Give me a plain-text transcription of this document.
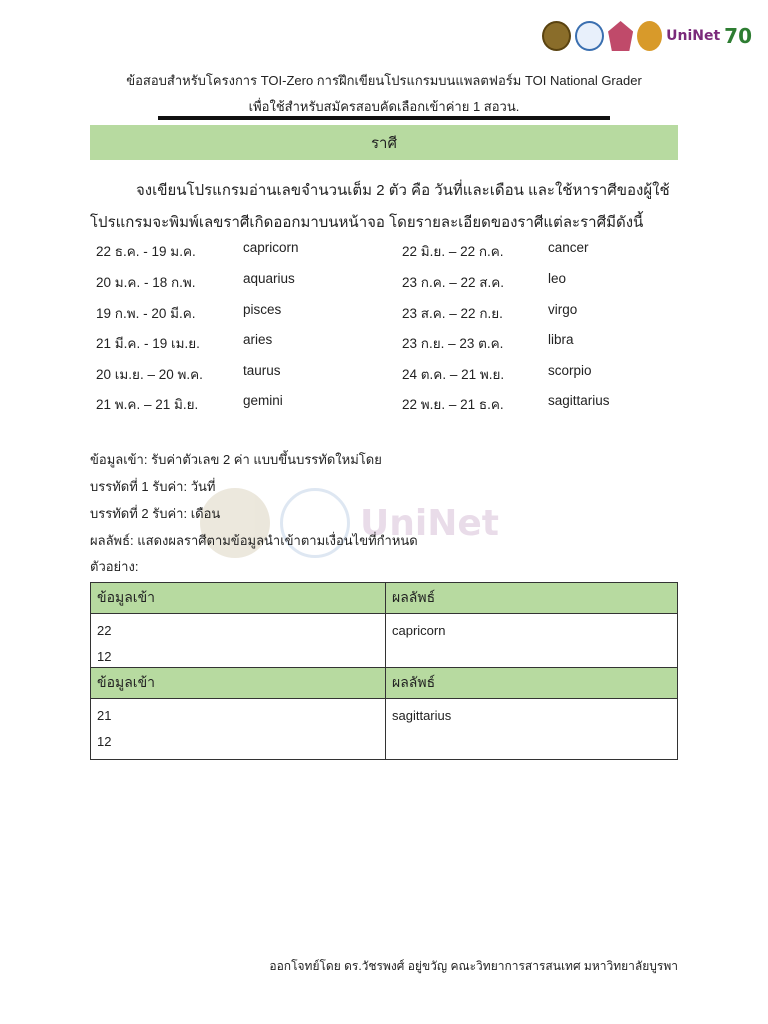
UniNet 70
ข้อสอบสำหรับโครงการ TOI-Zero การฝึกเขียนโปรแกรมบนแพลตฟอร์ม TOI National Grader
เพื่อใช้สำหรับสมัครสอบคัดเลือกเข้าค่าย 1 สอวน.
ราศี
จงเขียนโปรแกรมอ่านเลขจำนวนเต็ม 2 ตัว คือ วันที่และเดือน และใช้หาราศีของผู้ใช้
โปรแกรมจะพิมพ์เลขราศีเกิดออกมาบนหน้าจอ โดยรายละเอียดของราศีแต่ละราศีมีดังนี้
22 ธ.ค. - 19 ม.ค.	capricorn
20 ม.ค. - 18 ก.พ.	aquarius
19 ก.พ. - 20 มี.ค.	pisces
21 มี.ค. - 19 เม.ย.	aries
20 เม.ย. – 20 พ.ค.	taurus
21 พ.ค. – 21 มิ.ย.	gemini
22 มิ.ย. – 22 ก.ค.	cancer
23 ก.ค. – 22 ส.ค.	leo
23 ส.ค. – 22 ก.ย.	virgo
23 ก.ย. – 23 ต.ค.	libra
24 ต.ค. – 21 พ.ย.	scorpio
22 พ.ย. – 21 ธ.ค.	sagittarius
UniNet
ข้อมูลเข้า: รับค่าตัวเลข 2 ค่า แบบขึ้นบรรทัดใหม่โดย
บรรทัดที่ 1 รับค่า: วันที่
บรรทัดที่ 2 รับค่า: เดือน
ผลลัพธ์: แสดงผลราศีตามข้อมูลนำเข้าตามเงื่อนไขที่กำหนด
ตัวอย่าง:
ข้อมูลเข้า	ผลลัพธ์

22
12	capricorn
ข้อมูลเข้า	ผลลัพธ์

21
12	sagittarius
ออกโจทย์โดย ดร.วัชรพงศ์ อยู่ขวัญ คณะวิทยาการสารสนเทศ มหาวิทยาลัยบูรพา
